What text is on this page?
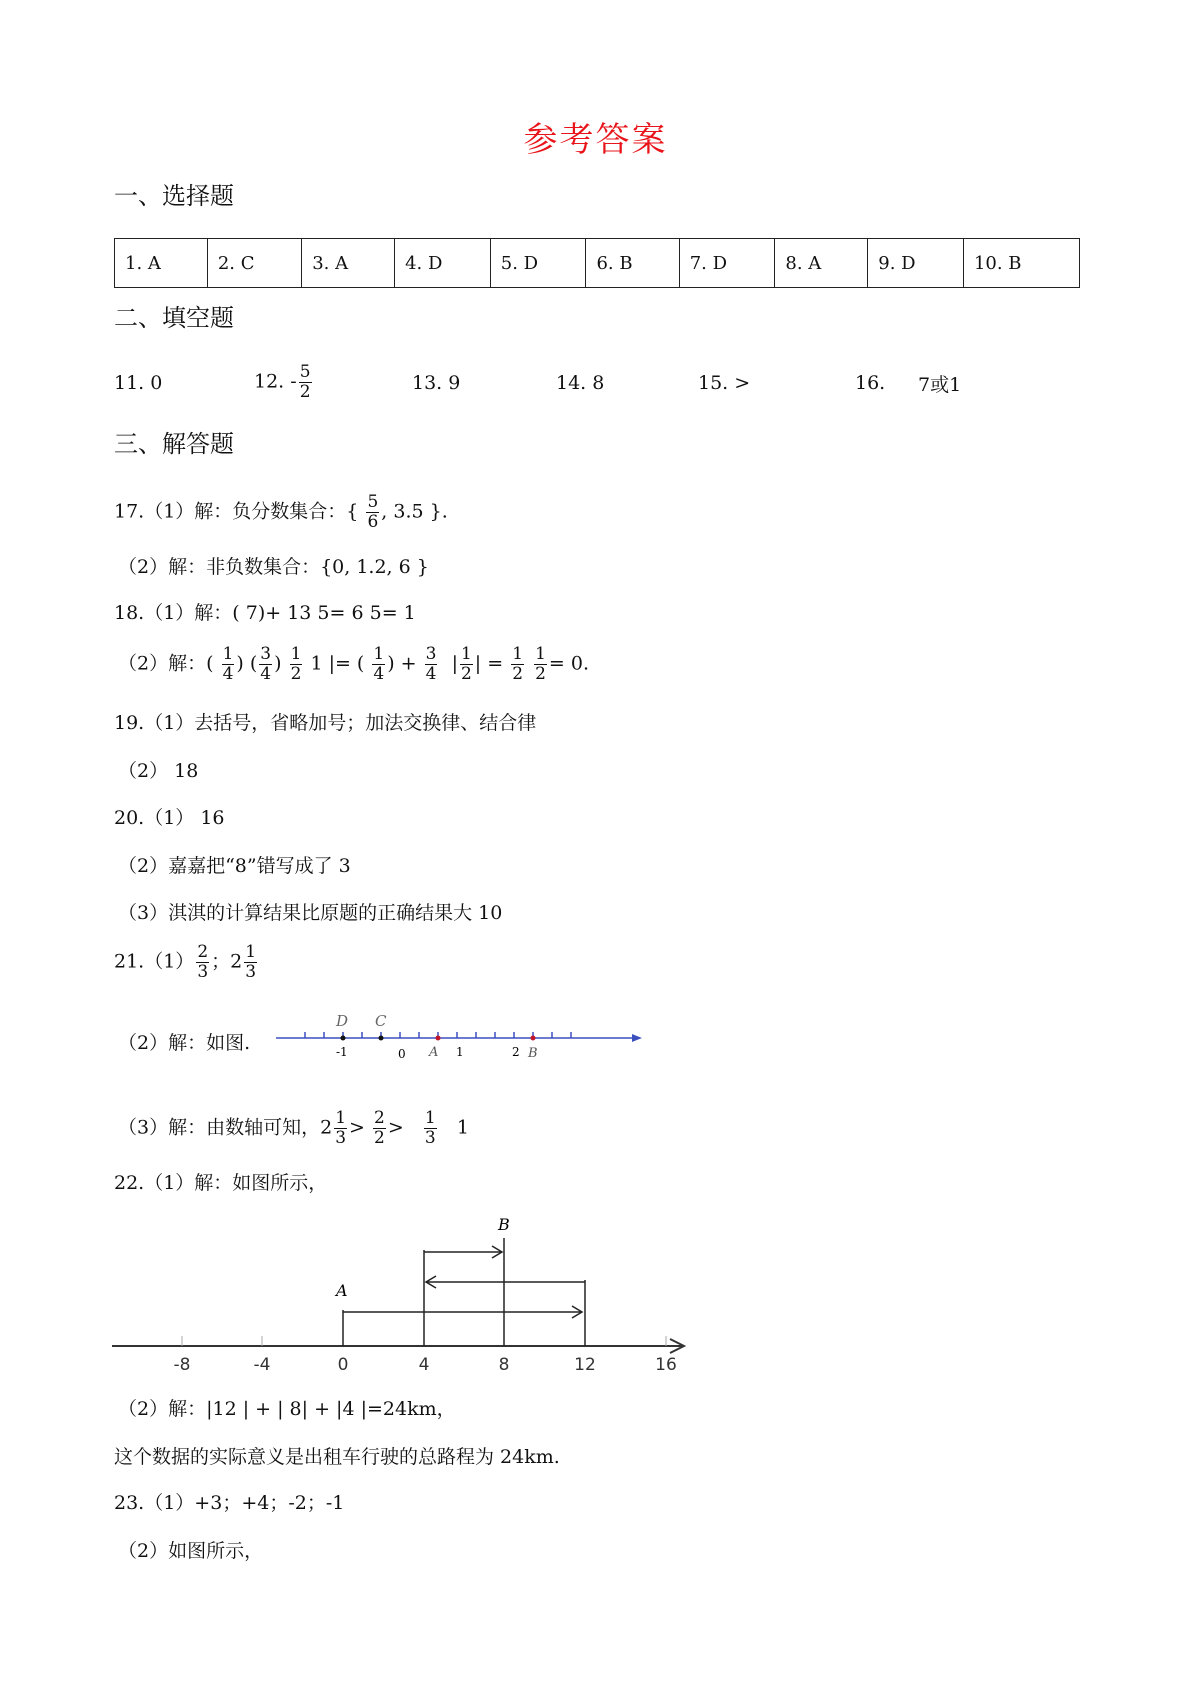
参考答案
一、选择题
1. A	2. C	3. A	4. D	5. D	6. B	7. D	8. A	9. D	10. B
二、填空题
11. 0	12. - $\frac{5}{2}$	13. 9	14. 8	15. >	16. 7或1
三、解答题
17.（1）解：负分数集合：{ $\frac{5}{6}$ , 3.5 }.
（2）解：非负数集合：{0, 1.2, 6 }
18.（1）解：( 7)+ 13 5= 6 5= 1
（2）解：( $\frac{1}{4}$ ) ( $\frac{3}{4}$ ) $\frac{1}{2} 1$ |= ( $\frac{1}{4}$ ) + $\frac{3}{4}$ | $\frac{1}{2}$ | = $\frac{1}{2}$
$\frac{1}{2} = 0$.
19.（1）去括号，省略加号；加法交换律、结合律
（2） 18
20.（1） 16
（2）嘉嘉把“8”错写成了 3
（3）淇淇的计算结果比原题的正确结果大 10
$21.(1) \frac{2}{3}$ ；$2 \frac{1}{3}$
（2）解：如图.
D C
-1	0 A 1	2 B
（3）解：由数轴可知，$2 \frac{1}{3} > \frac{2}{2} > \frac{1}{3} 1$
22.（1）解：如图所示，
A
B
-8	-4	0	4	8	12	16
（2）解：|12 | + | 8| + |4 |=24km，
这个数据的实际意义是出租车行驶的总路程为 24km.
23.（1）+3；+4；-2；-1
（2）如图所示，
